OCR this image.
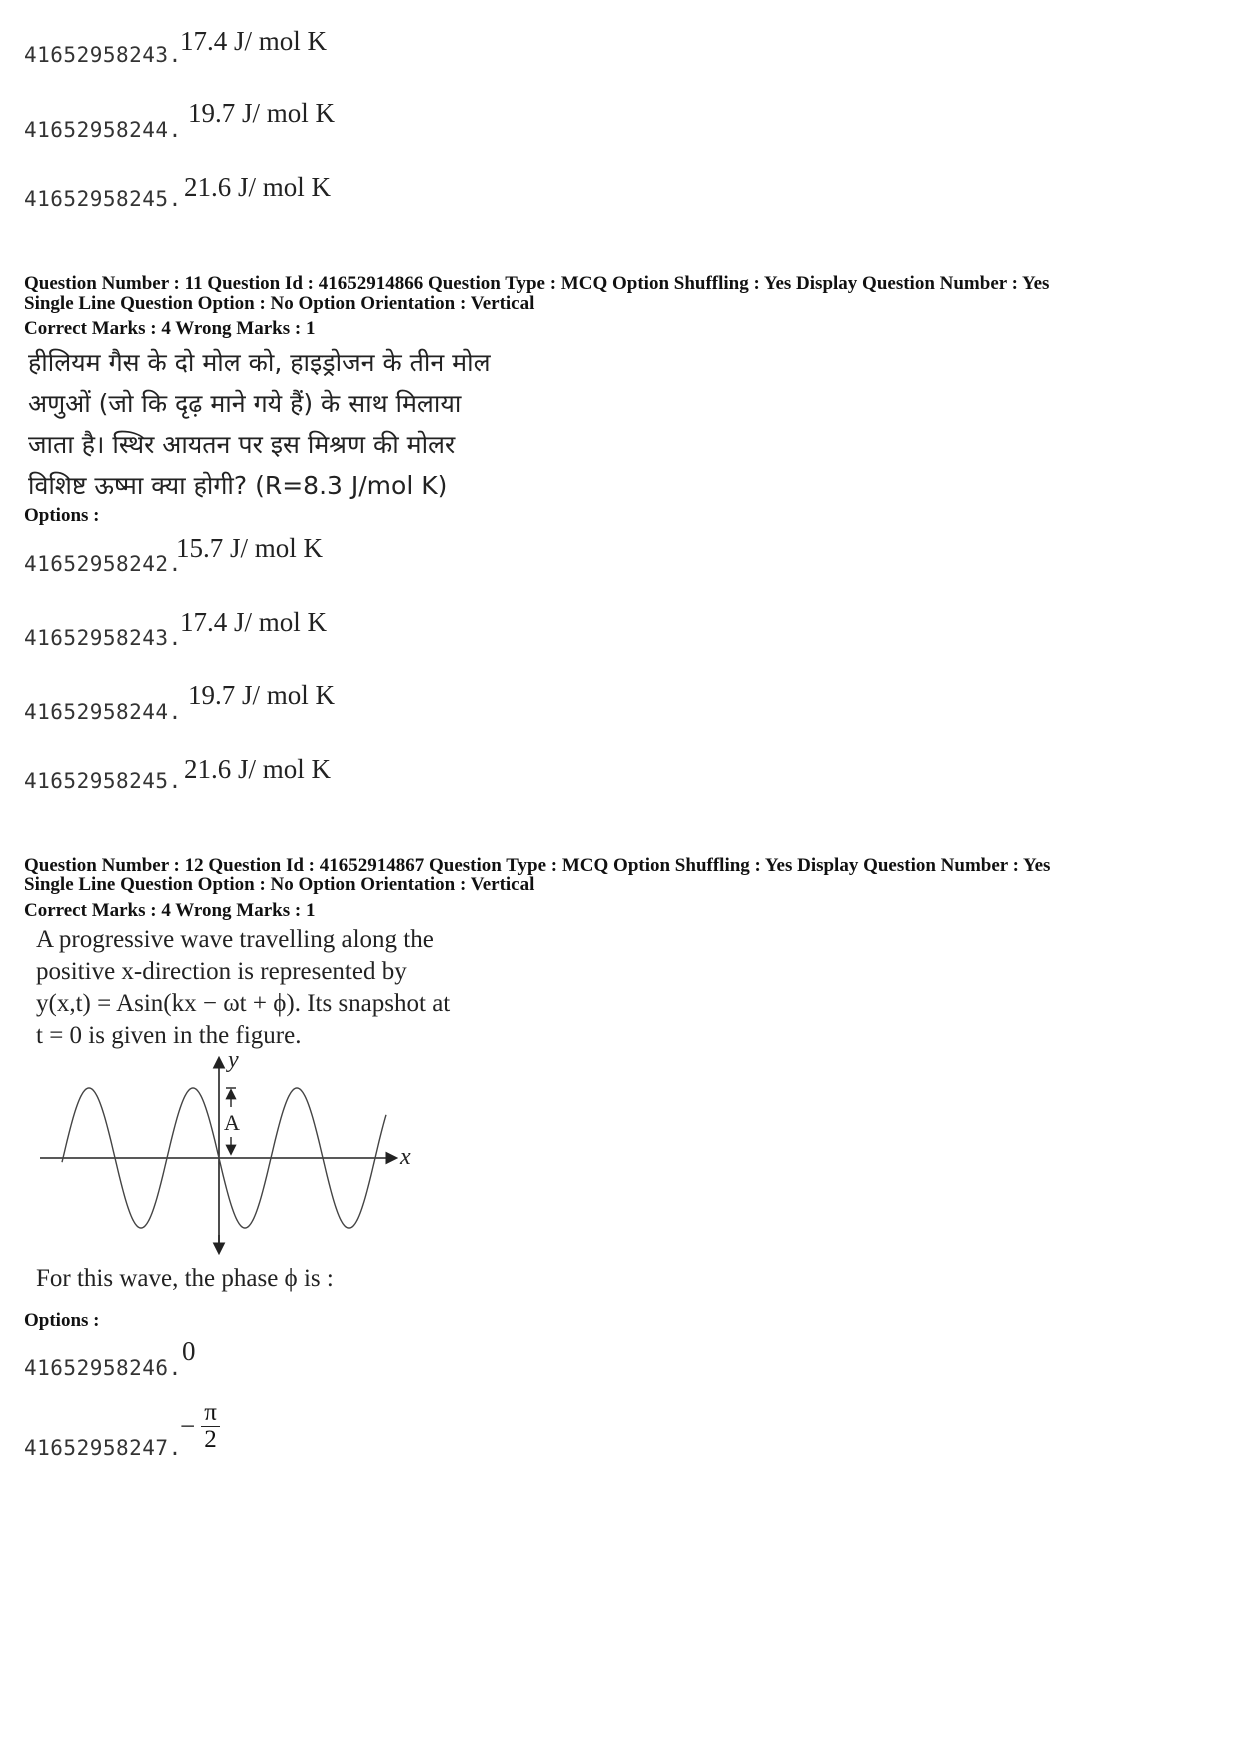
41652958243.
17.4 J/ mol K
41652958244.
19.7 J/ mol K
41652958245. 21.6 J/ mol K
Question Number : 11 Question Id : 41652914866 Question Type : MCQ Option Shuffling : Yes Display Question Number : Yes
Single Line Question Option : No Option Orientation : Vertical
Correct Marks : 4 Wrong Marks : 1
हीलियम गैस के दो मोल को, हाइड्रोजन के तीन मोल
अणुओं (जो कि दृढ़ माने गये हैं) के साथ मिलाया
जाता है। स्थिर आयतन पर इस मिश्रण की मोलर
विशिष्ट ऊष्मा क्या होगी? (R=8.3 J/mol K)
Options :
41652958242.
15.7 J/ mol K
41652958243.
17.4 J/ mol K
41652958244.
19.7 J/ mol K
41652958245. 21.6 J/ mol K
Question Number : 12 Question Id : 41652914867 Question Type : MCQ Option Shuffling : Yes Display Question Number : Yes
Single Line Question Option : No Option Orientation : Vertical
Correct Marks : 4 Wrong Marks : 1
A progressive wave travelling along the
positive x-direction is represented by
y(x,t) = Asin(kx − ωt + ϕ). Its snapshot at
t = 0 is given in the figure.
A
y
x
For this wave, the phase ϕ is :
Options :
41652958246.
0
41652958247.
− $\frac{\pi}{2}$
